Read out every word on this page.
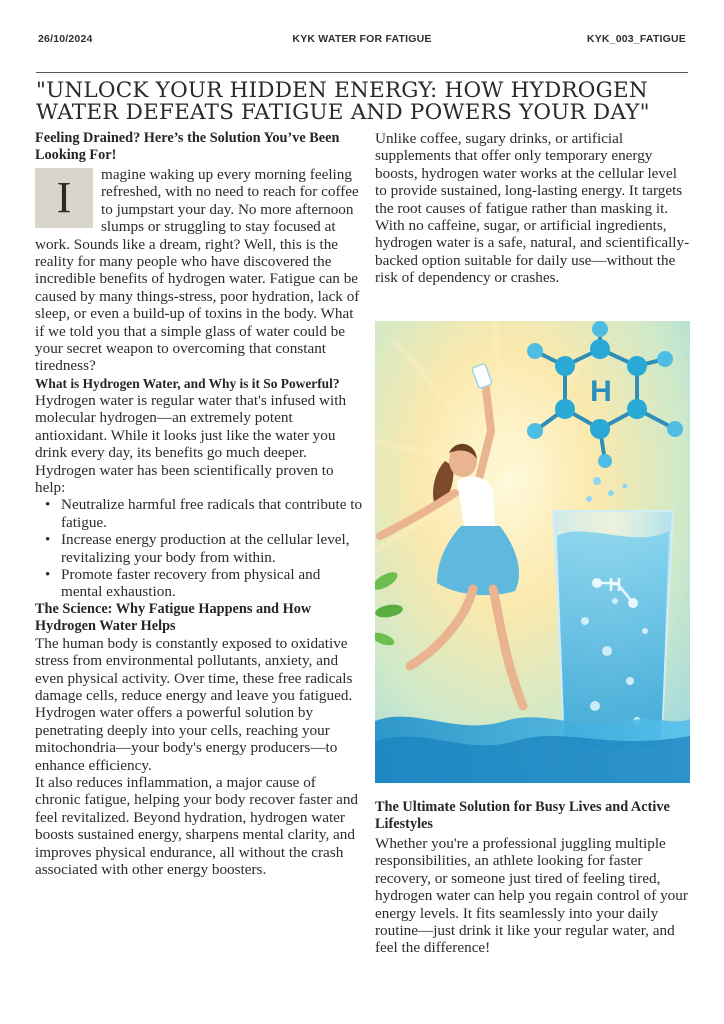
26/10/2024	KYK WATER FOR FATIGUE	KYK_003_FATIGUE
"UNLOCK YOUR HIDDEN ENERGY: HOW HYDROGEN WATER DEFEATS FATIGUE AND POWERS YOUR DAY"

Feeling Drained? Here’s the Solution You’ve Been Looking For!

I	magine waking up every morning feeling refreshed, with no need to reach for coffee to jumpstart your day. No more afternoon slumps or struggling to stay focused at work. Sounds like a dream, right? Well, this is the reality for many people who have discovered the incredible benefits of hydrogen water. Fatigue can be caused by many things-stress, poor hydration, lack of sleep, or even a build-up of toxins in the body. What if we told you that a simple glass of water could be your secret weapon to overcoming that constant tiredness?

What is Hydrogen Water, and Why is it So Powerful?

Hydrogen water is regular water that's infused with molecular hydrogen—an extremely potent antioxidant. While it looks just like the water you drink every day, its benefits go much deeper.

Hydrogen water has been scientifically proven to help:

• Neutralize harmful free radicals that contribute to fatigue.
• Increase energy production at the cellular level, revitalizing your body from within.
• Promote faster recovery from physical and mental exhaustion.

The Science: Why Fatigue Happens and How Hydrogen Water Helps

The human body is constantly exposed to oxidative stress from environmental pollutants, anxiety, and even physical activity. Over time, these free radicals damage cells, reduce energy and leave you fatigued.

Hydrogen water offers a powerful solution by penetrating deeply into your cells, reaching your mitochondria—your body's energy producers—to enhance efficiency.

It also reduces inflammation, a major cause of chronic fatigue, helping your body recover faster and feel revitalized. Beyond hydration, hydrogen water boosts sustained energy, sharpens mental clarity, and improves physical endurance, all without the crash associated with other energy boosters.

Unlike coffee, sugary drinks, or artificial supplements that offer only temporary energy boosts, hydrogen water works at the cellular level to provide sustained, long-lasting energy. It targets the root causes of fatigue rather than masking it. With no caffeine, sugar, or artificial ingredients, hydrogen water is a safe, natural, and scientifically-backed option suitable for daily use—without the risk of dependency or crashes.

H
H

The Ultimate Solution for Busy Lives and Active Lifestyles

Whether you're a professional juggling multiple responsibilities, an athlete looking for faster recovery, or someone just tired of feeling tired, hydrogen water can help you regain control of your energy levels. It fits seamlessly into your daily routine—just drink it like your regular water, and feel the difference!
